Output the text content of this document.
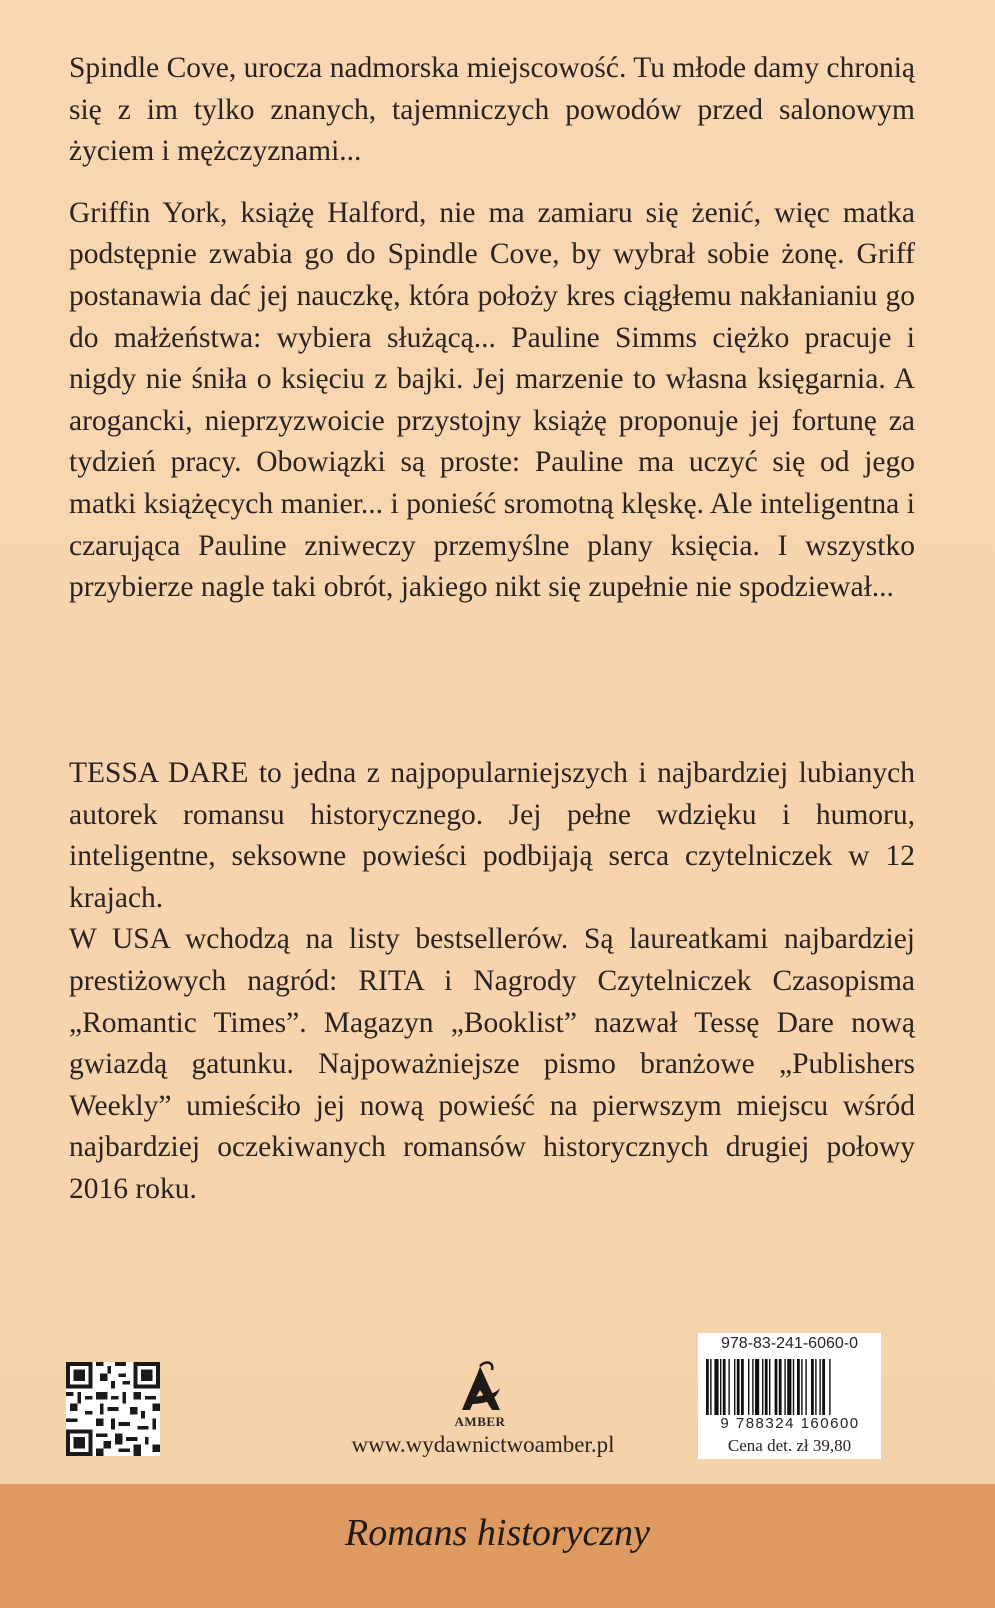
Spindle Cove, urocza nadmorska miejscowość. Tu młode damy chronią się z im tylko znanych, tajemniczych powodów przed salonowym życiem i mężczyznami...

Griffin York, książę Halford, nie ma zamiaru się żenić, więc matka podstępnie zwabia go do Spindle Cove, by wybrał sobie żonę. Griff postanawia dać jej nauczkę, która położy kres ciągłemu nakłanianiu go do małżeństwa: wybiera służącą... Pauline Simms ciężko pracuje i nigdy nie śniła o księciu z bajki. Jej marzenie to własna księgarnia. A arogancki, nieprzyzwoicie przystojny książę proponuje jej fortunę za tydzień pracy. Obowiązki są proste: Pauline ma uczyć się od jego matki książęcych manier... i ponieść sromotną klęskę. Ale inteligentna i czarująca Pauline zniweczy przemyślne plany księcia. I wszystko przybierze nagle taki obrót, jakiego nikt się zupełnie nie spodziewał...

TESSA DARE to jedna z najpopularniejszych i najbardziej lubianych autorek romansu historycznego. Jej pełne wdzięku i humoru, inteligentne, seksowne powieści podbijają serca czytelniczek w 12 krajach.

W USA wchodzą na listy bestsellerów. Są laureatkami najbardziej prestiżowych nagród: RITA i Nagrody Czytelniczek Czasopisma „Romantic Times”. Magazyn „Booklist” nazwał Tessę Dare nową gwiazdą gatunku. Najpoważniejsze pismo branżowe „Publishers Weekly” umieściło jej nową powieść na pierwszym miejscu wśród najbardziej oczekiwanych romansów historycznych drugiej połowy 2016 roku.

AMBER
www.wydawnictwoamber.pl
978-83-241-6060-0
9 788324 160600
Cena det. zł 39,80
Romans historyczny
